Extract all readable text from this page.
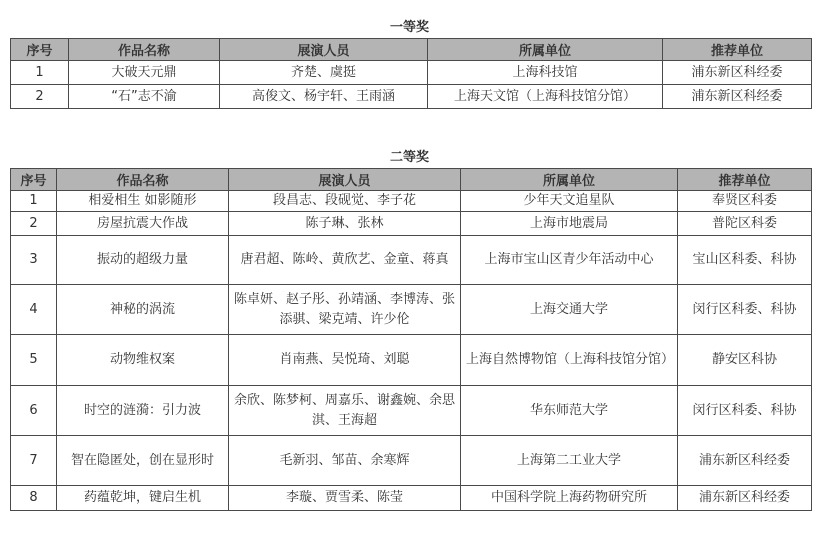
一等奖
序号	作品名称	展演人员	所属单位	推荐单位
1	大破天元鼎	齐楚、虞挺	上海科技馆	浦东新区科经委
2	“石”志不渝	高俊文、杨宇轩、王雨涵	上海天文馆（上海科技馆分馆）	浦东新区科经委
二等奖
序号	作品名称	展演人员	所属单位	推荐单位
1	相爱相生 如影随形	段昌志、段砚觉、李子花	少年天文追星队	奉贤区科委
2	房屋抗震大作战	陈子琳、张林	上海市地震局	普陀区科委
3	振动的超级力量	唐君超、陈岭、黄欣艺、金童、蒋真	上海市宝山区青少年活动中心	宝山区科委、科协
4	神秘的涡流	陈卓妍、赵子彤、孙靖涵、李博涛、张添骐、梁克靖、许少伦	上海交通大学	闵行区科委、科协
5	动物维权案	肖南燕、吴悦琦、刘聪	上海自然博物馆（上海科技馆分馆）	静安区科协
6	时空的涟漪：引力波	余欣、陈梦柯、周嘉乐、谢鑫婉、余思淇、王海超	华东师范大学	闵行区科委、科协
7	智在隐匿处，创在显形时	毛新羽、邹苗、余寒辉	上海第二工业大学	浦东新区科经委
8	药蕴乾坤，键启生机	李璇、贾雪柔、陈莹	中国科学院上海药物研究所	浦东新区科经委
